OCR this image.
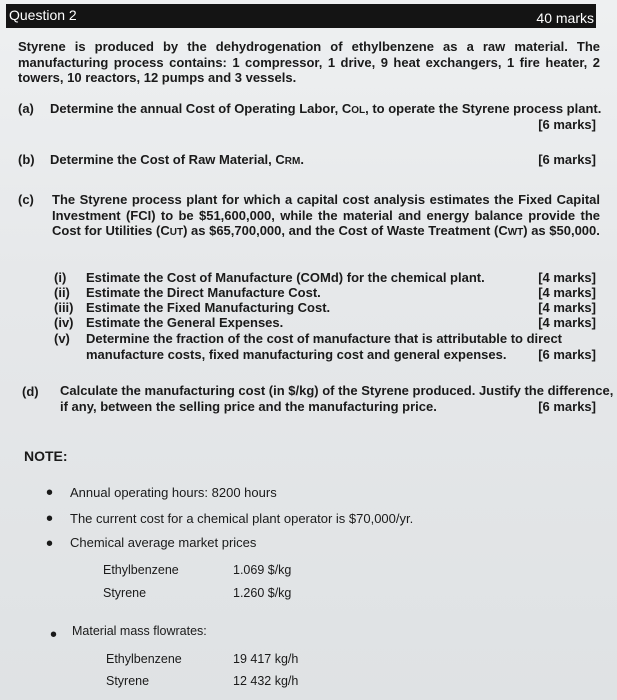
Question 2	40 marks
Styrene is produced by the dehydrogenation of ethylbenzene as a raw material. The manufacturing process contains: 1 compressor, 1 drive, 9 heat exchangers, 1 fire heater, 2 towers, 10 reactors, 12 pumps and 3 vessels.
(a) Determine the annual Cost of Operating Labor, COL, to operate the Styrene process plant.
[6 marks]
(b) Determine the Cost of Raw Material, CRM.	[6 marks]
(c) The Styrene process plant for which a capital cost analysis estimates the Fixed Capital Investment (FCI) to be $51,600,000, while the material and energy balance provide the Cost for Utilities (CUT) as $65,700,000, and the Cost of Waste Treatment (CWT) as $50,000.
(i) Estimate the Cost of Manufacture (COMd) for the chemical plant.	[4 marks]
(ii) Estimate the Direct Manufacture Cost.	[4 marks]
(iii) Estimate the Fixed Manufacturing Cost.	[4 marks]
(iv) Estimate the General Expenses.	[4 marks]
(v) Determine the fraction of the cost of manufacture that is attributable to direct
manufacture costs, fixed manufacturing cost and general expenses. [6 marks]
(d) Calculate the manufacturing cost (in $/kg) of the Styrene produced. Justify the difference,
if any, between the selling price and the manufacturing price.	[6 marks]
NOTE:
• Annual operating hours: 8200 hours
• The current cost for a chemical plant operator is $70,000/yr.
• Chemical average market prices
Ethylbenzene	1.069 $/kg
Styrene	1.260 $/kg
• Material mass flowrates:
Ethylbenzene	19 417 kg/h
Styrene	12 432 kg/h
